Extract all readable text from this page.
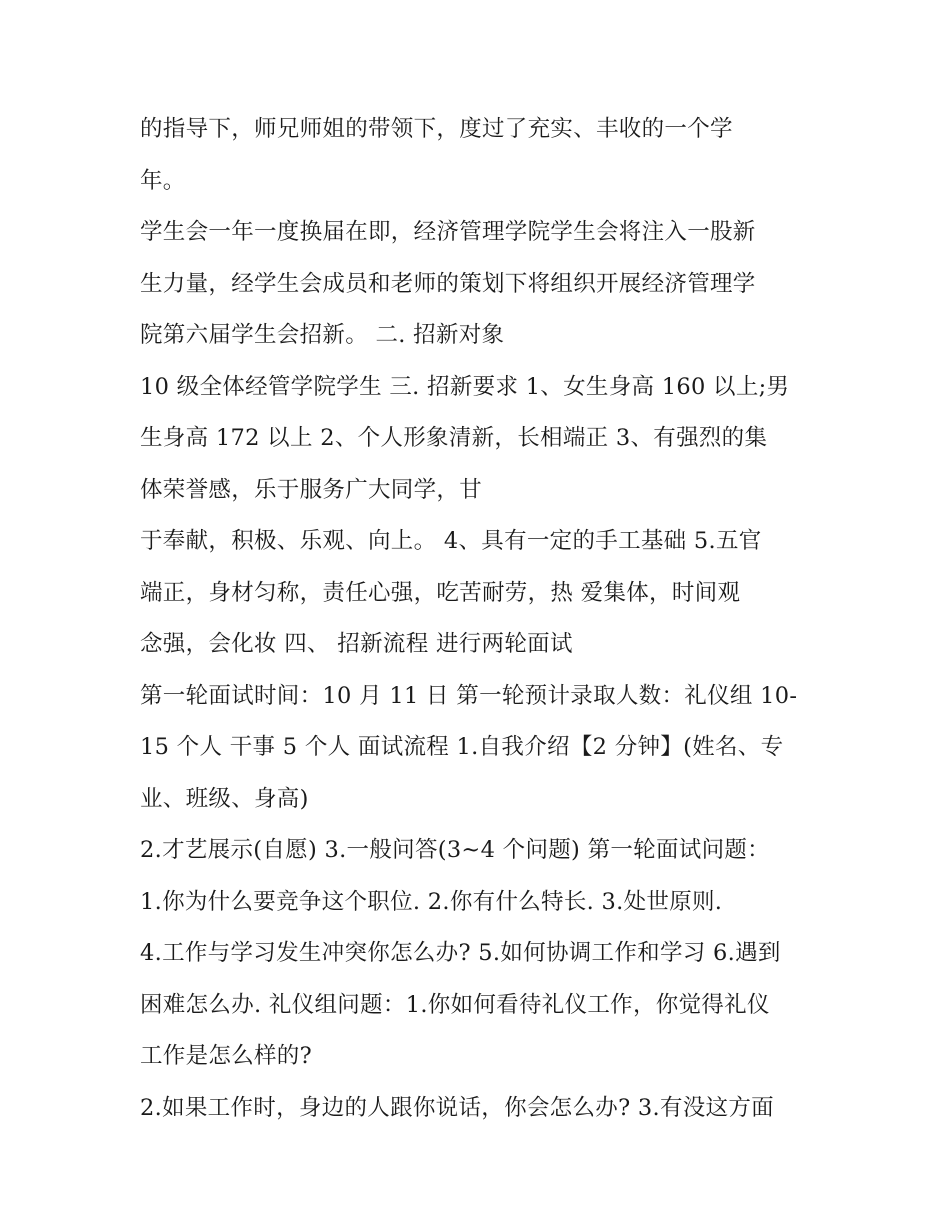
的指导下，师兄师姐的带领下，度过了充实、丰收的一个学
年。
学生会一年一度换届在即，经济管理学院学生会将注入一股新
生力量，经学生会成员和老师的策划下将组织开展经济管理学
院第六届学生会招新。 二. 招新对象
10 级全体经管学院学生 三. 招新要求 1、女生身高 160 以上;男
生身高 172 以上 2、个人形象清新，长相端正 3、有强烈的集
体荣誉感，乐于服务广大同学，甘
于奉献，积极、乐观、向上。 4、具有一定的手工基础 5.五官
端正，身材匀称，责任心强，吃苦耐劳，热 爱集体，时间观
念强，会化妆 四、 招新流程 进行两轮面试
第一轮面试时间：10 月 11 日 第一轮预计录取人数：礼仪组 10-
15 个人 干事 5 个人 面试流程 1.自我介绍【2 分钟】(姓名、专
业、班级、身高)
2.才艺展示(自愿) 3.一般问答(3~4 个问题) 第一轮面试问题：
1.你为什么要竞争这个职位. 2.你有什么特长. 3.处世原则.
4.工作与学习发生冲突你怎么办? 5.如何协调工作和学习 6.遇到
困难怎么办. 礼仪组问题：1.你如何看待礼仪工作，你觉得礼仪
工作是怎么样的?
2.如果工作时，身边的人跟你说话，你会怎么办? 3.有没这方面
